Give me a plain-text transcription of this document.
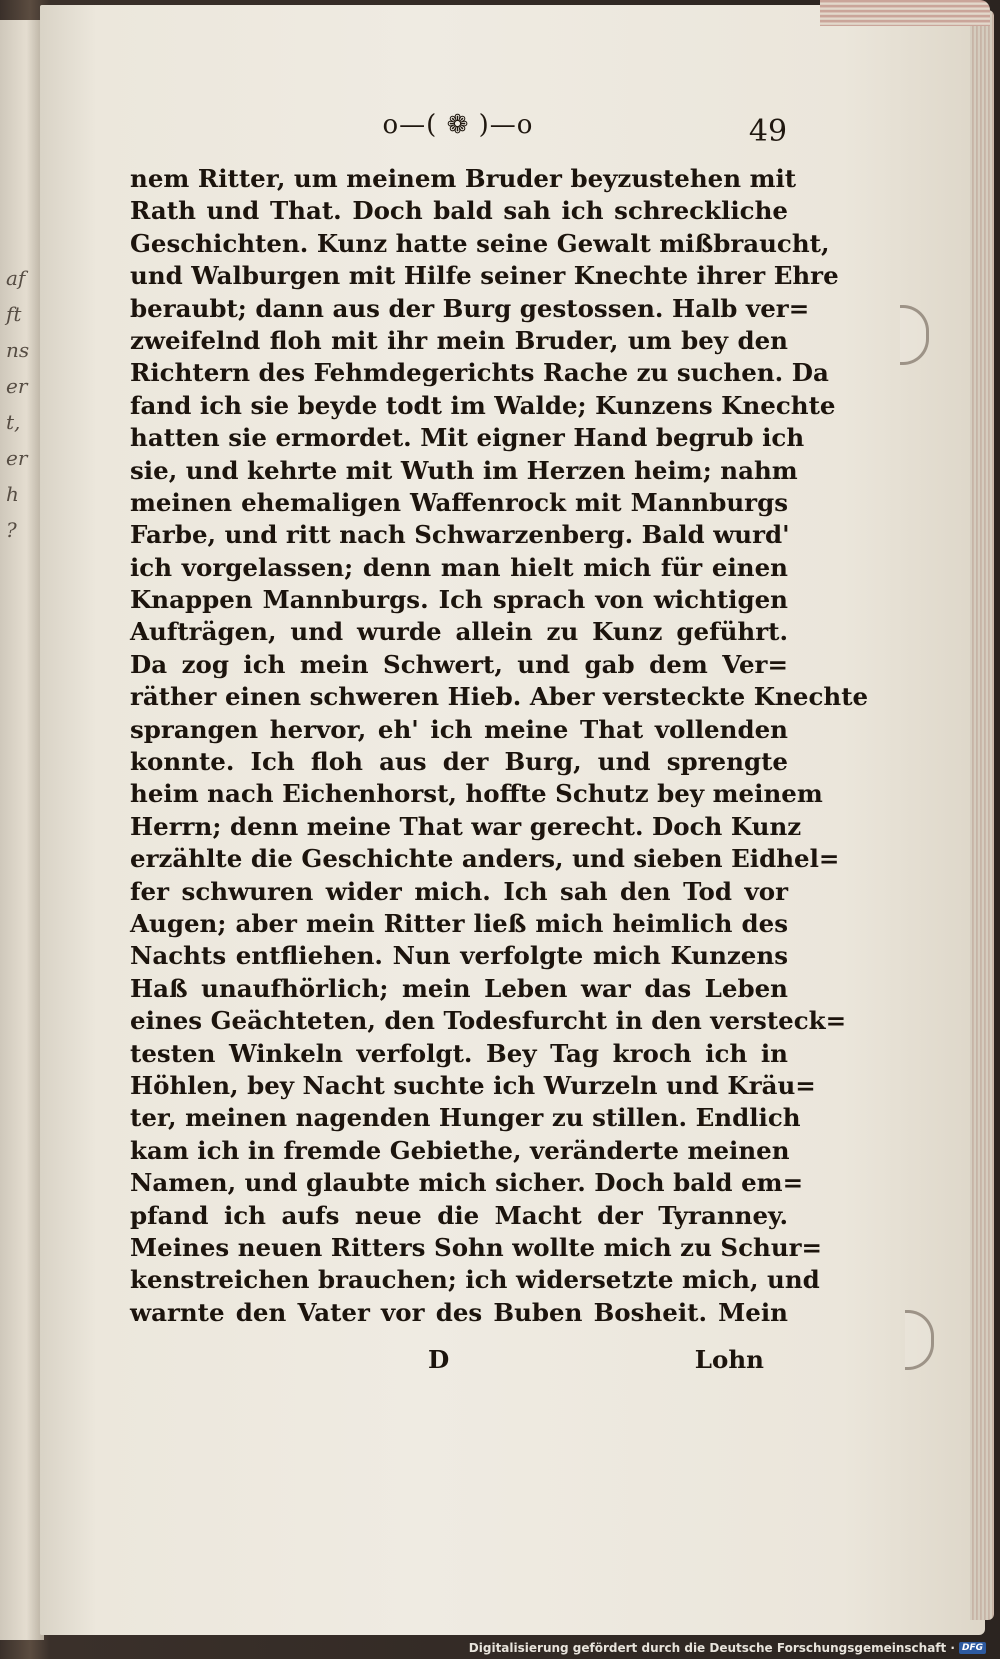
af
ft
ns
er
t,
er
h
?
o—( ❁ )—o	49
nem Ritter, um meinem Bruder beyzustehen mit
Rath und That. Doch bald sah ich schreckliche
Geschichten. Kunz hatte seine Gewalt mißbraucht,
und Walburgen mit Hilfe seiner Knechte ihrer Ehre
beraubt; dann aus der Burg gestossen. Halb ver=
zweifelnd floh mit ihr mein Bruder, um bey den
Richtern des Fehmdegerichts Rache zu suchen. Da
fand ich sie beyde todt im Walde; Kunzens Knechte
hatten sie ermordet. Mit eigner Hand begrub ich
sie, und kehrte mit Wuth im Herzen heim; nahm
meinen ehemaligen Waffenrock mit Mannburgs
Farbe, und ritt nach Schwarzenberg. Bald wurd'
ich vorgelassen; denn man hielt mich für einen
Knappen Mannburgs. Ich sprach von wichtigen
Aufträgen, und wurde allein zu Kunz geführt.
Da zog ich mein Schwert, und gab dem Ver=
räther einen schweren Hieb. Aber versteckte Knechte
sprangen hervor, eh' ich meine That vollenden
konnte. Ich floh aus der Burg, und sprengte
heim nach Eichenhorst, hoffte Schutz bey meinem
Herrn; denn meine That war gerecht. Doch Kunz
erzählte die Geschichte anders, und sieben Eidhel=
fer schwuren wider mich. Ich sah den Tod vor
Augen; aber mein Ritter ließ mich heimlich des
Nachts entfliehen. Nun verfolgte mich Kunzens
Haß unaufhörlich; mein Leben war das Leben
eines Geächteten, den Todesfurcht in den versteck=
testen Winkeln verfolgt. Bey Tag kroch ich in
Höhlen, bey Nacht suchte ich Wurzeln und Kräu=
ter, meinen nagenden Hunger zu stillen. Endlich
kam ich in fremde Gebiethe, veränderte meinen
Namen, und glaubte mich sicher. Doch bald em=
pfand ich aufs neue die Macht der Tyranney.
Meines neuen Ritters Sohn wollte mich zu Schur=
kenstreichen brauchen; ich widersetzte mich, und
warnte den Vater vor des Buben Bosheit. Mein
D	Lohn
Digitalisierung gefördert durch die Deutsche Forschungsgemeinschaft · DFG
